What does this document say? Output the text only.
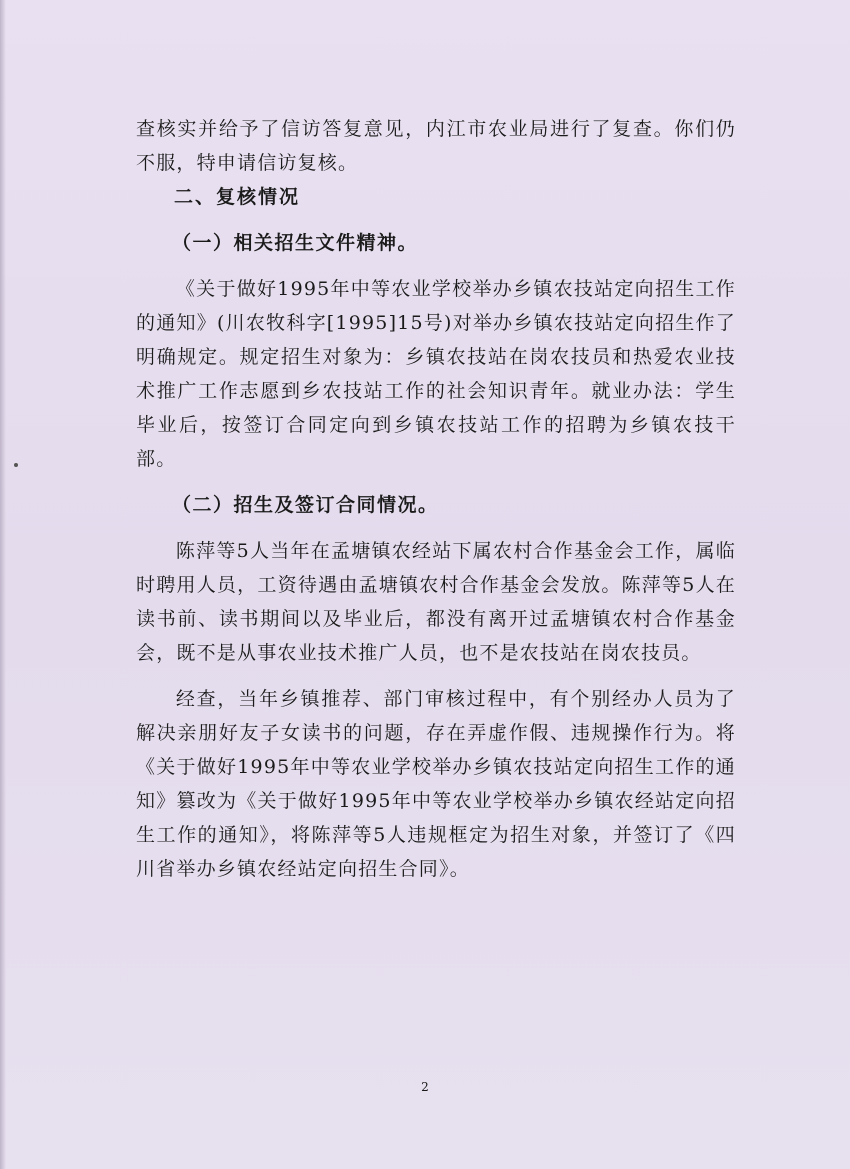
查核实并给予了信访答复意见，内江市农业局进行了复查。你们仍不服，特申请信访复核。

二、复核情况

（一）相关招生文件精神。

《关于做好1995年中等农业学校举办乡镇农技站定向招生工作的通知》(川农牧科字[1995]15号)对举办乡镇农技站定向招生作了明确规定。规定招生对象为：乡镇农技站在岗农技员和热爱农业技术推广工作志愿到乡农技站工作的社会知识青年。就业办法：学生毕业后，按签订合同定向到乡镇农技站工作的招聘为乡镇农技干部。

（二）招生及签订合同情况。

陈萍等5人当年在孟塘镇农经站下属农村合作基金会工作，属临时聘用人员，工资待遇由孟塘镇农村合作基金会发放。陈萍等5人在读书前、读书期间以及毕业后，都没有离开过孟塘镇农村合作基金会，既不是从事农业技术推广人员，也不是农技站在岗农技员。

经查，当年乡镇推荐、部门审核过程中，有个别经办人员为了解决亲朋好友子女读书的问题，存在弄虚作假、违规操作行为。将《关于做好1995年中等农业学校举办乡镇农技站定向招生工作的通知》篡改为《关于做好1995年中等农业学校举办乡镇农经站定向招生工作的通知》，将陈萍等5人违规框定为招生对象，并签订了《四川省举办乡镇农经站定向招生合同》。

2
